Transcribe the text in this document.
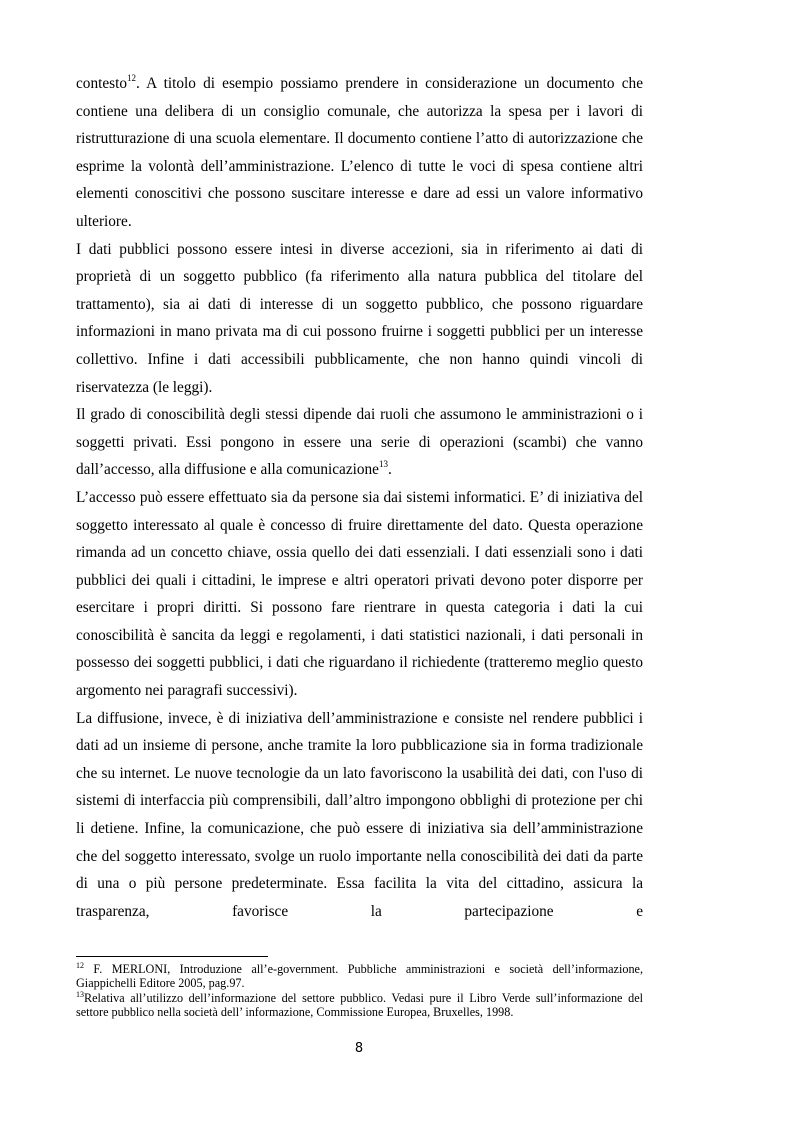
contesto$^{12}$. A titolo di esempio possiamo prendere in considerazione un documento che contiene una delibera di un consiglio comunale, che autorizza la spesa per i lavori di ristrutturazione di una scuola elementare. Il documento contiene l’atto di autorizzazione che esprime la volontà dell’amministrazione. L’elenco di tutte le voci di spesa contiene altri elementi conoscitivi che possono suscitare interesse e dare ad essi un valore informativo ulteriore.

I dati pubblici possono essere intesi in diverse accezioni, sia in riferimento ai dati di proprietà di un soggetto pubblico (fa riferimento alla natura pubblica del titolare del trattamento), sia ai dati di interesse di un soggetto pubblico, che possono riguardare informazioni in mano privata ma di cui possono fruirne i soggetti pubblici per un interesse collettivo. Infine i dati accessibili pubblicamente, che non hanno quindi vincoli di riservatezza (le leggi).

Il grado di conoscibilità degli stessi dipende dai ruoli che assumono le amministrazioni o i soggetti privati. Essi pongono in essere una serie di operazioni (scambi) che vanno dall’accesso, alla diffusione e alla comunicazione$^{13}$.

L’accesso può essere effettuato sia da persone sia dai sistemi informatici. E’ di iniziativa del soggetto interessato al quale è concesso di fruire direttamente del dato. Questa operazione rimanda ad un concetto chiave, ossia quello dei dati essenziali. I dati essenziali sono i dati pubblici dei quali i cittadini, le imprese e altri operatori privati devono poter disporre per esercitare i propri diritti. Si possono fare rientrare in questa categoria i dati la cui conoscibilità è sancita da leggi e regolamenti, i dati statistici nazionali, i dati personali in possesso dei soggetti pubblici, i dati che riguardano il richiedente (tratteremo meglio questo argomento nei paragrafi successivi).

La diffusione, invece, è di iniziativa dell’amministrazione e consiste nel rendere pubblici i dati ad un insieme di persone, anche tramite la loro pubblicazione sia in forma tradizionale che su internet. Le nuove tecnologie da un lato favoriscono la usabilità dei dati, con l'uso di sistemi di interfaccia più comprensibili, dall’altro impongono obblighi di protezione per chi li detiene. Infine, la comunicazione, che può essere di iniziativa sia dell’amministrazione che del soggetto interessato, svolge un ruolo importante nella conoscibilità dei dati da parte di una o più persone predeterminate. Essa facilita la vita del cittadino, assicura la trasparenza, favorisce la partecipazione e

$^{12}$ F. MERLONI, Introduzione all’e-government. Pubbliche amministrazioni e società dell’informazione, Giappichelli Editore 2005, pag.97.

$^{13}$Relativa all’utilizzo dell’informazione del settore pubblico. Vedasi pure il Libro Verde sull’informazione del settore pubblico nella società dell’ informazione, Commissione Europea, Bruxelles, 1998.

8
